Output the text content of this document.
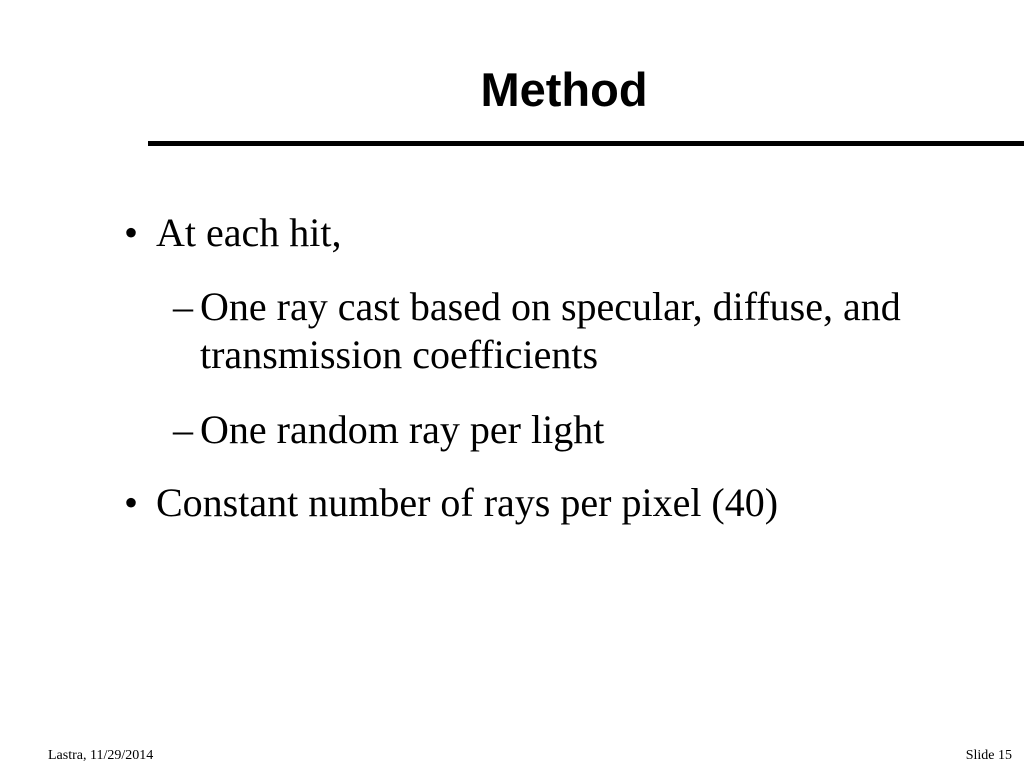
Method
• At each hit,
– One ray cast based on specular, diffuse, and transmission coefficients
– One random ray per light
• Constant number of rays per pixel (40)
Lastra, 11/29/2014	Slide 15
